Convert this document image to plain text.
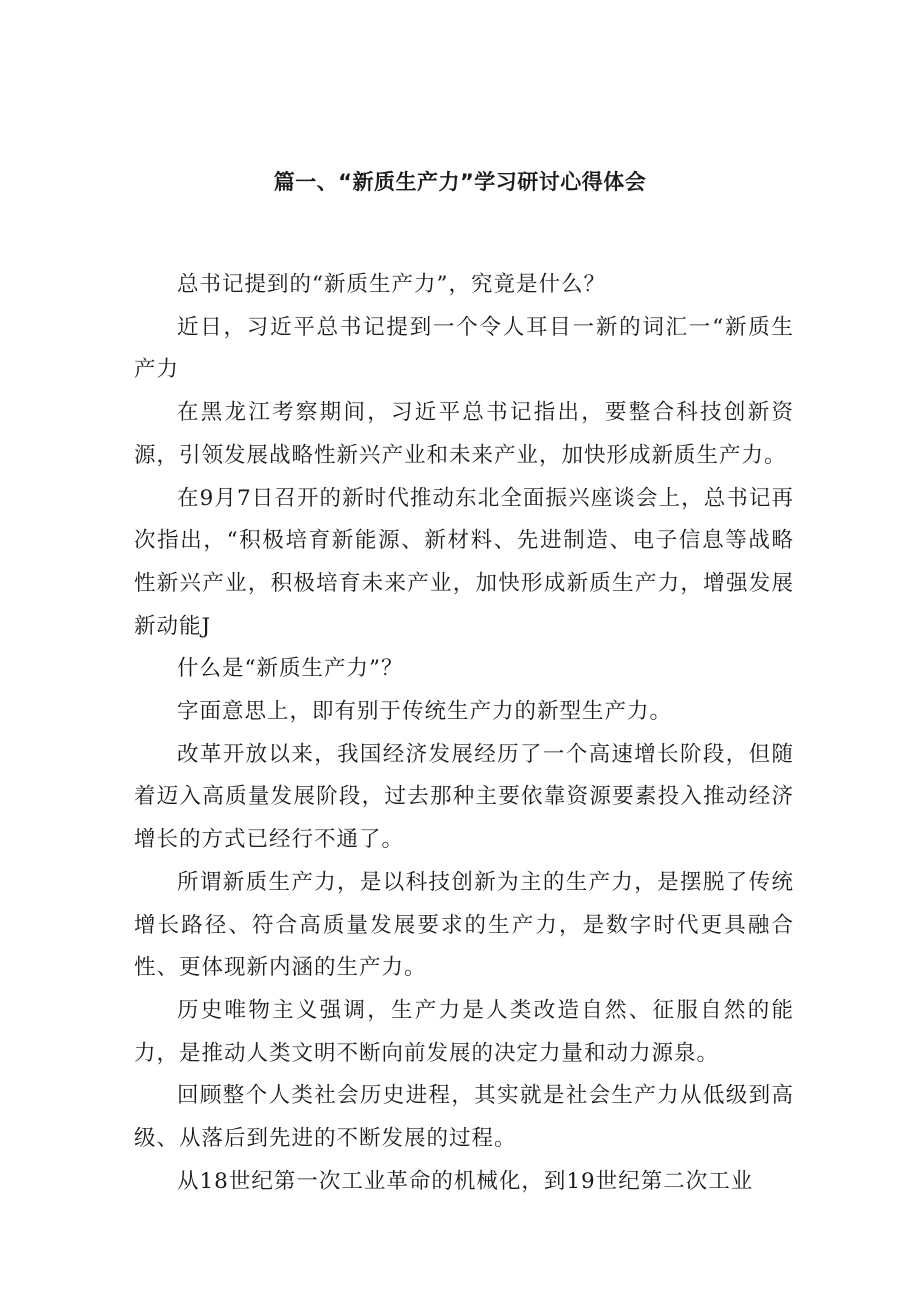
篇一、“新质生产力”学习研讨心得体会

总书记提到的“新质生产力”，究竟是什么？

近日，习近平总书记提到一个令人耳目一新的词汇一“新质生产力

在黑龙江考察期间，习近平总书记指出，要整合科技创新资源，引领发展战略性新兴产业和未来产业，加快形成新质生产力。

在9月7日召开的新时代推动东北全面振兴座谈会上，总书记再次指出，“积极培育新能源、新材料、先进制造、电子信息等战略性新兴产业，积极培育未来产业，加快形成新质生产力，增强发展新动能J

什么是“新质生产力”？

字面意思上，即有别于传统生产力的新型生产力。

改革开放以来，我国经济发展经历了一个高速增长阶段，但随着迈入高质量发展阶段，过去那种主要依靠资源要素投入推动经济增长的方式已经行不通了。

所谓新质生产力，是以科技创新为主的生产力，是摆脱了传统增长路径、符合高质量发展要求的生产力，是数字时代更具融合性、更体现新内涵的生产力。

历史唯物主义强调，生产力是人类改造自然、征服自然的能力，是推动人类文明不断向前发展的决定力量和动力源泉。

回顾整个人类社会历史进程，其实就是社会生产力从低级到高级、从落后到先进的不断发展的过程。

从18世纪第一次工业革命的机械化，到19世纪第二次工业
